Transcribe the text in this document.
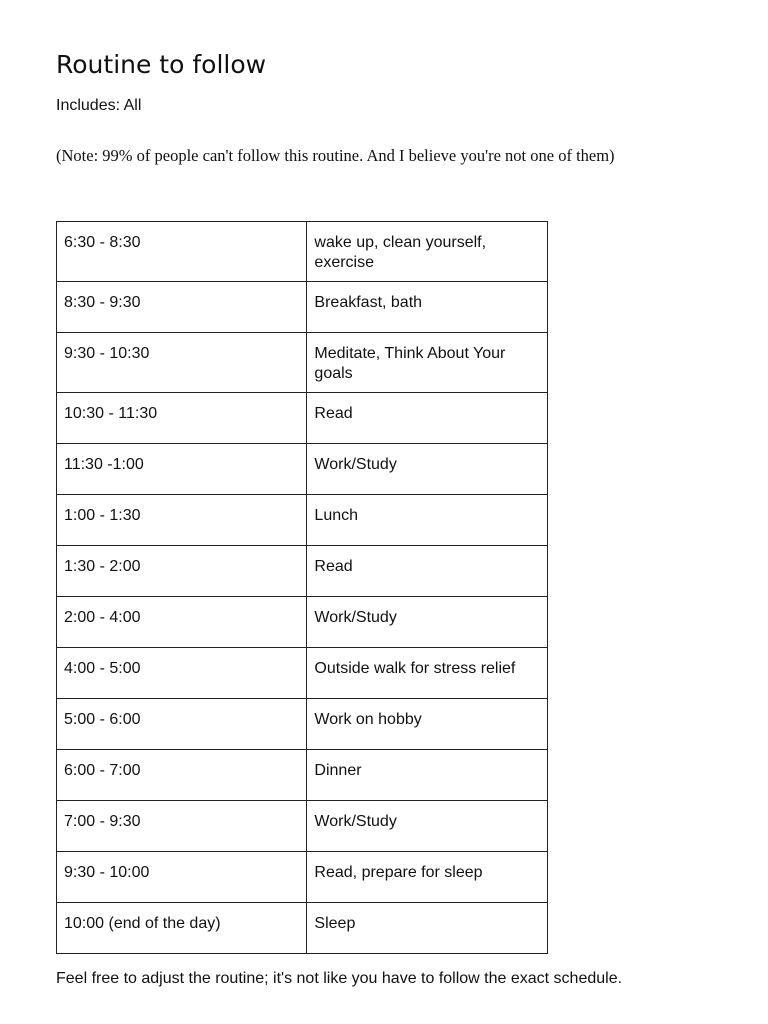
Routine to follow

Includes: All

(Note: 99% of people can't follow this routine. And I believe you're not one of them)

6:30 - 8:30	wake up, clean yourself, exercise
8:30 - 9:30	Breakfast, bath
9:30 - 10:30	Meditate, Think About Your goals
10:30 - 11:30	Read
11:30 -1:00	Work/Study
1:00 - 1:30	Lunch
1:30 - 2:00	Read
2:00 - 4:00	Work/Study
4:00 - 5:00	Outside walk for stress relief
5:00 - 6:00	Work on hobby
6:00 - 7:00	Dinner
7:00 - 9:30	Work/Study
9:30 - 10:00	Read, prepare for sleep
10:00 (end of the day)	Sleep

Feel free to adjust the routine; it's not like you have to follow the exact schedule.
